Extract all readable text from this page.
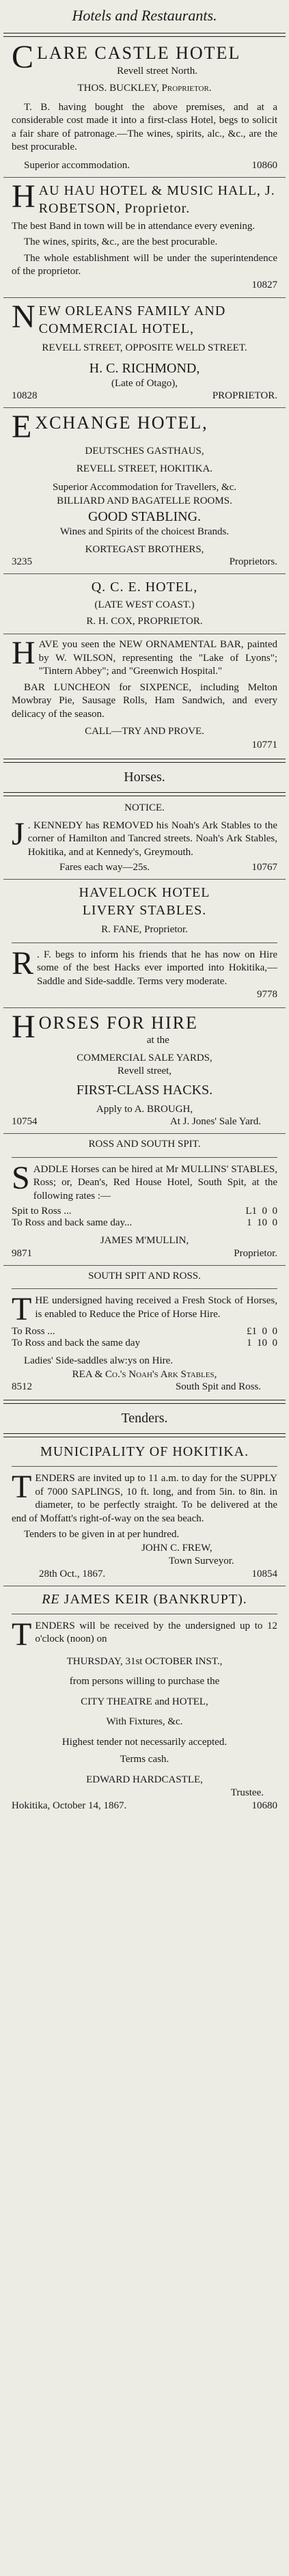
Hotels and Restaurants.

CLARE CASTLE HOTEL

Revell street North.

THOS. BUCKLEY, Proprietor.

T. B. having bought the above premises, and at a considerable cost made it into a first-class Hotel, begs to solicit a fair share of patronage.—The wines, spirits, alc., &c., are the best procurable.

Superior accommodation.	10860

HAU HAU HOTEL & MUSIC HALL, J. ROBETSON, Proprietor.

The best Band in town will be in attendance every evening.

The wines, spirits, &c., are the best procurable.

The whole establishment will be under the superintendence of the proprietor.

10827

NEW ORLEANS FAMILY AND COMMERCIAL HOTEL,

REVELL STREET, OPPOSITE WELD STREET.

H. C. RICHMOND,

(Late of Otago),

10828	PROPRIETOR.

EXCHANGE HOTEL,

DEUTSCHES GASTHAUS,

REVELL STREET, HOKITIKA.

Superior Accommodation for Travellers, &c.

BILLIARD AND BAGATELLE ROOMS.

GOOD STABLING.

Wines and Spirits of the choicest Brands.

KORTEGAST BROTHERS,

3235	Proprietors.

Q. C. E. HOTEL,

(LATE WEST COAST.)

R. H. COX, PROPRIETOR.

HAVE you seen the NEW ORNAMENTAL BAR, painted by W. WILSON, representing the "Lake of Lyons"; "Tintern Abbey"; and "Greenwich Hospital."

BAR LUNCHEON for SIXPENCE, including Melton Mowbray Pie, Sausage Rolls, Ham Sandwich, and every delicacy of the season.

CALL—TRY AND PROVE.

10771

Horses.

NOTICE.

J . KENNEDY has REMOVED his Noah's Ark Stables to the corner of Hamilton and Tancred streets. Noah's Ark Stables, Hokitika, and at Kennedy's, Greymouth.

Fares each way—25s.	10767

HAVELOCK HOTEL

LIVERY STABLES.

R. FANE, Proprietor.

R . F. begs to inform his friends that he has now on Hire some of the best Hacks ever imported into Hokitika,—Saddle and Side-saddle. Terms very moderate.

9778

HORSES FOR HIRE

at the

COMMERCIAL SALE YARDS,

Revell street,

FIRST-CLASS HACKS.

Apply to A. BROUGH,

10754	At J. Jones' Sale Yard.

ROSS AND SOUTH SPIT.

SADDLE Horses can be hired at Mr MULLINS' STABLES, Ross; or, Dean's, Red House Hotel, South Spit, at the following rates :—

Spit to Ross ...	L1  0  0
To Ross and back same day...	1  10  0

JAMES M'MULLIN,

9871	Proprietor.

SOUTH SPIT AND ROSS.

THE undersigned having received a Fresh Stock of Horses, is enabled to Reduce the Price of Horse Hire.

To Ross ...	£1  0  0
To Ross and back the same day	1  10  0

Ladies' Side-saddles alw:ys on Hire.

REA & Co.'s Noah's Ark Stables,

8512	South Spit and Ross.
Tenders.

MUNICIPALITY OF HOKITIKA.

TENDERS are invited up to 11 a.m. to day for the SUPPLY of 7000 SAPLINGS, 10 ft. long, and from 5in. to 8in. in diameter, to be perfectly straight. To be delivered at the end of Moffatt's right-of-way on the sea beach.

Tenders to be given in at per hundred.

JOHN C. FREW,

Town Surveyor.

28th Oct., 1867.	10854

RE JAMES KEIR (BANKRUPT).

TENDERS will be received by the undersigned up to 12 o'clock (noon) on

THURSDAY, 31st OCTOBER INST.,

from persons willing to purchase the

CITY THEATRE and HOTEL,

With Fixtures, &c.

Highest tender not necessarily accepted.

Terms cash.

EDWARD HARDCASTLE,

Trustee.

Hokitika, October 14, 1867.	10680
